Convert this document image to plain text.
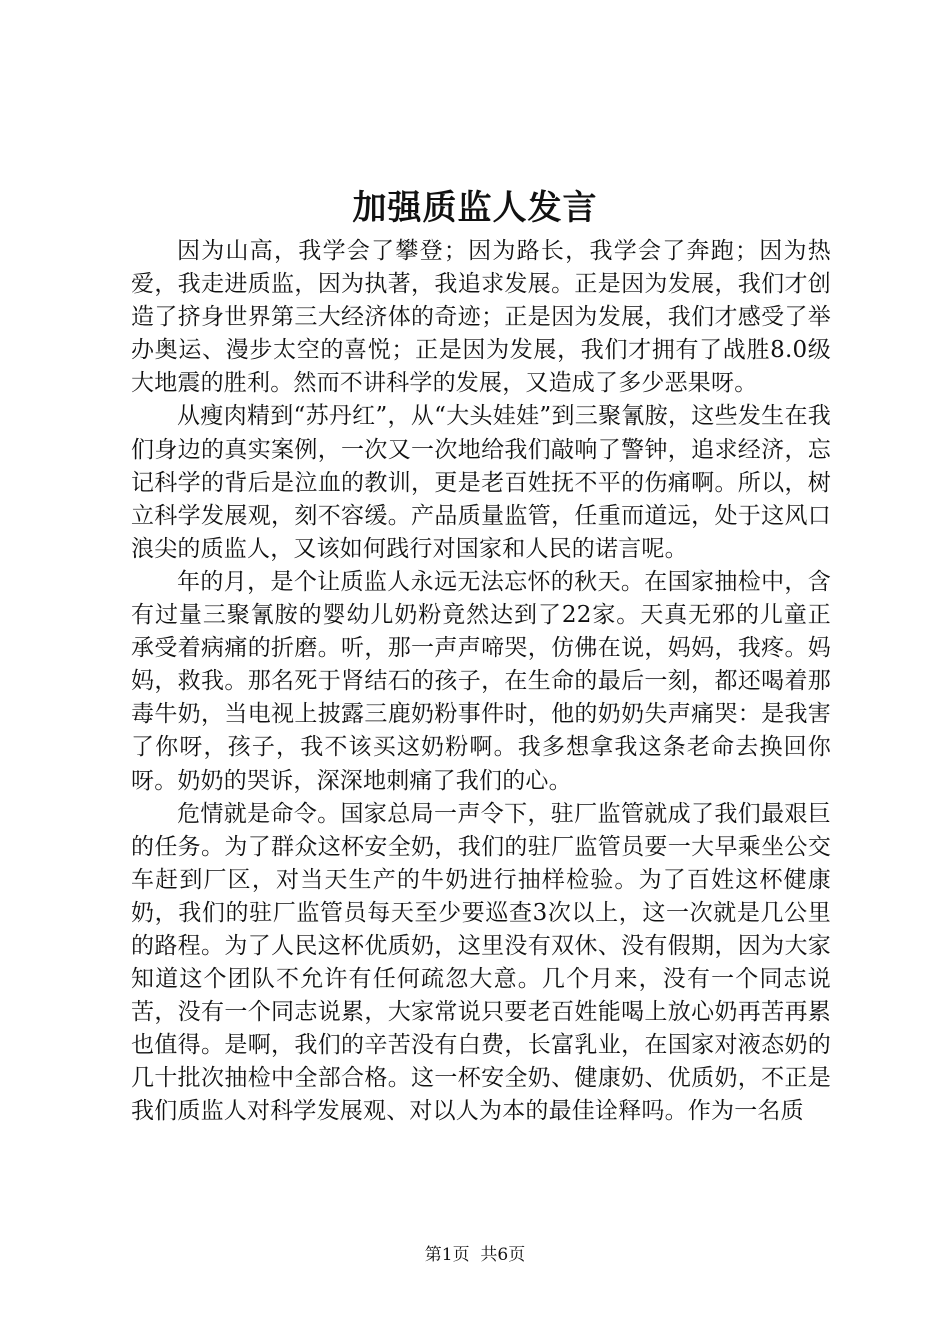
加强质监人发言

因为山高，我学会了攀登；因为路长，我学会了奔跑；因为热爱，我走进质监，因为执著，我追求发展。正是因为发展，我们才创造了挤身世界第三大经济体的奇迹；正是因为发展，我们才感受了举办奥运、漫步太空的喜悦；正是因为发展，我们才拥有了战胜8.0级大地震的胜利。然而不讲科学的发展，又造成了多少恶果呀。

从瘦肉精到“苏丹红”，从“大头娃娃”到三聚氰胺，这些发生在我们身边的真实案例，一次又一次地给我们敲响了警钟，追求经济，忘记科学的背后是泣血的教训，更是老百姓抚不平的伤痛啊。所以，树立科学发展观，刻不容缓。产品质量监管，任重而道远，处于这风口浪尖的质监人，又该如何践行对国家和人民的诺言呢。

年的月，是个让质监人永远无法忘怀的秋天。在国家抽检中，含有过量三聚氰胺的婴幼儿奶粉竟然达到了22家。天真无邪的儿童正承受着病痛的折磨。听，那一声声啼哭，仿佛在说，妈妈，我疼。妈妈，救我。那名死于肾结石的孩子，在生命的最后一刻，都还喝着那毒牛奶，当电视上披露三鹿奶粉事件时，他的奶奶失声痛哭：是我害了你呀，孩子，我不该买这奶粉啊。我多想拿我这条老命去换回你呀。奶奶的哭诉，深深地刺痛了我们的心。

危情就是命令。国家总局一声令下，驻厂监管就成了我们最艰巨的任务。为了群众这杯安全奶，我们的驻厂监管员要一大早乘坐公交车赶到厂区，对当天生产的牛奶进行抽样检验。为了百姓这杯健康奶，我们的驻厂监管员每天至少要巡查3次以上，这一次就是几公里的路程。为了人民这杯优质奶，这里没有双休、没有假期，因为大家知道这个团队不允许有任何疏忽大意。几个月来，没有一个同志说苦，没有一个同志说累，大家常说只要老百姓能喝上放心奶再苦再累也值得。是啊，我们的辛苦没有白费，长富乳业，在国家对液态奶的几十批次抽检中全部合格。这一杯安全奶、健康奶、优质奶，不正是我们质监人对科学发展观、对以人为本的最佳诠释吗。作为一名质

第1页 共6页
